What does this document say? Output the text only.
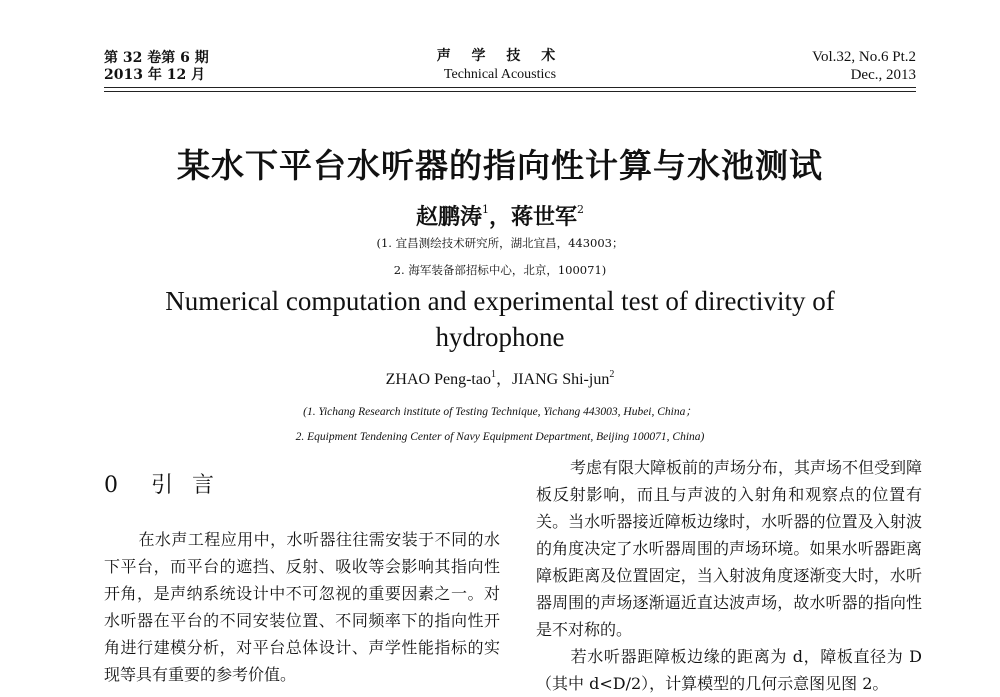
第 32 卷第 6 期
2013 年 12 月
声 学 技 术
Technical Acoustics
Vol.32, No.6 Pt.2
Dec., 2013
某水下平台水听器的指向性计算与水池测试
赵鹏涛$^1$，蒋世军$^2$
(1. 宜昌测绘技术研究所，湖北宜昌，443003；
2. 海军装备部招标中心，北京，100071)
Numerical computation and experimental test of directivity of hydrophone
ZHAO Peng-tao$^1$，JIANG Shi-jun$^2$
(1. Yichang Research institute of Testing Technique, Yichang 443003, Hubei, China；
2. Equipment Tendening Center of Navy Equipment Department, Beijing 100071, China)
0 引 言

在水声工程应用中，水听器往往需安装于不同的水下平台，而平台的遮挡、反射、吸收等会影响其指向性开角，是声纳系统设计中不可忽视的重要因素之一。对水听器在平台的不同安装位置、不同频率下的指向性开角进行建模分析，对平台总体设计、声学性能指标的实现等具有重要的参考价值。

考虑有限大障板前的声场分布，其声场不但受到障板反射影响，而且与声波的入射角和观察点的位置有关。当水听器接近障板边缘时，水听器的位置及入射波的角度决定了水听器周围的声场环境。如果水听器距离障板距离及位置固定，当入射波角度逐渐变大时，水听器周围的声场逐渐逼近直达波声场，故水听器的指向性是不对称的。

若水听器距障板边缘的距离为 d，障板直径为 D（其中 d<D/2），计算模型的几何示意图见图 2。
